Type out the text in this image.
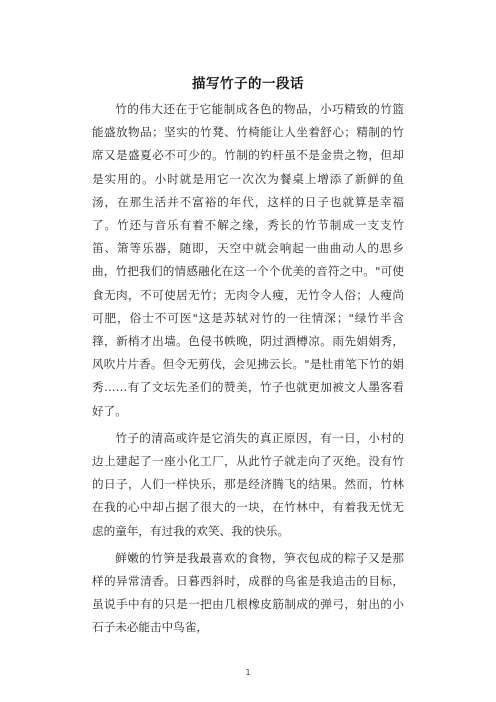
描写竹子的一段话

竹的伟大还在于它能制成各色的物品，小巧精致的竹篮能盛放物品；坚实的竹凳、竹椅能让人坐着舒心；精制的竹席又是盛夏必不可少的。竹制的钓杆虽不是金贵之物，但却是实用的。小时就是用它一次次为餐桌上增添了新鲜的鱼汤，在那生活并不富裕的年代，这样的日子也就算是幸福了。竹还与音乐有着不解之缘，秀长的竹节制成一支支竹笛、箫等乐器，随即，天空中就会响起一曲曲动人的思乡曲，竹把我们的情感融化在这一个个优美的音符之中。"可使食无肉，不可使居无竹；无肉令人瘦，无竹令人俗；人瘦尚可肥，俗士不可医"这是苏轼对竹的一往情深；"绿竹半含箨，新梢才出墙。色侵书帙晚，阴过酒樽凉。雨先娟娟秀，风吹片片香。但令无剪伐，会见拂云长。"是杜甫笔下竹的娟秀……有了文坛先圣们的赞美，竹子也就更加被文人墨客看好了。

竹子的清高或许是它消失的真正原因，有一日，小村的边上建起了一座小化工厂，从此竹子就走向了灭绝。没有竹的日子，人们一样快乐，那是经济腾飞的结果。然而，竹林在我的心中却占据了很大的一块，在竹林中，有着我无忧无虑的童年，有过我的欢笑、我的快乐。

鲜嫩的竹笋是我最喜欢的食物，笋衣包成的粽子又是那样的异常清香。日暮西斜时，成群的鸟雀是我追击的目标，虽说手中有的只是一把由几根橡皮筋制成的弹弓，射出的小石子未必能击中鸟雀，

1
